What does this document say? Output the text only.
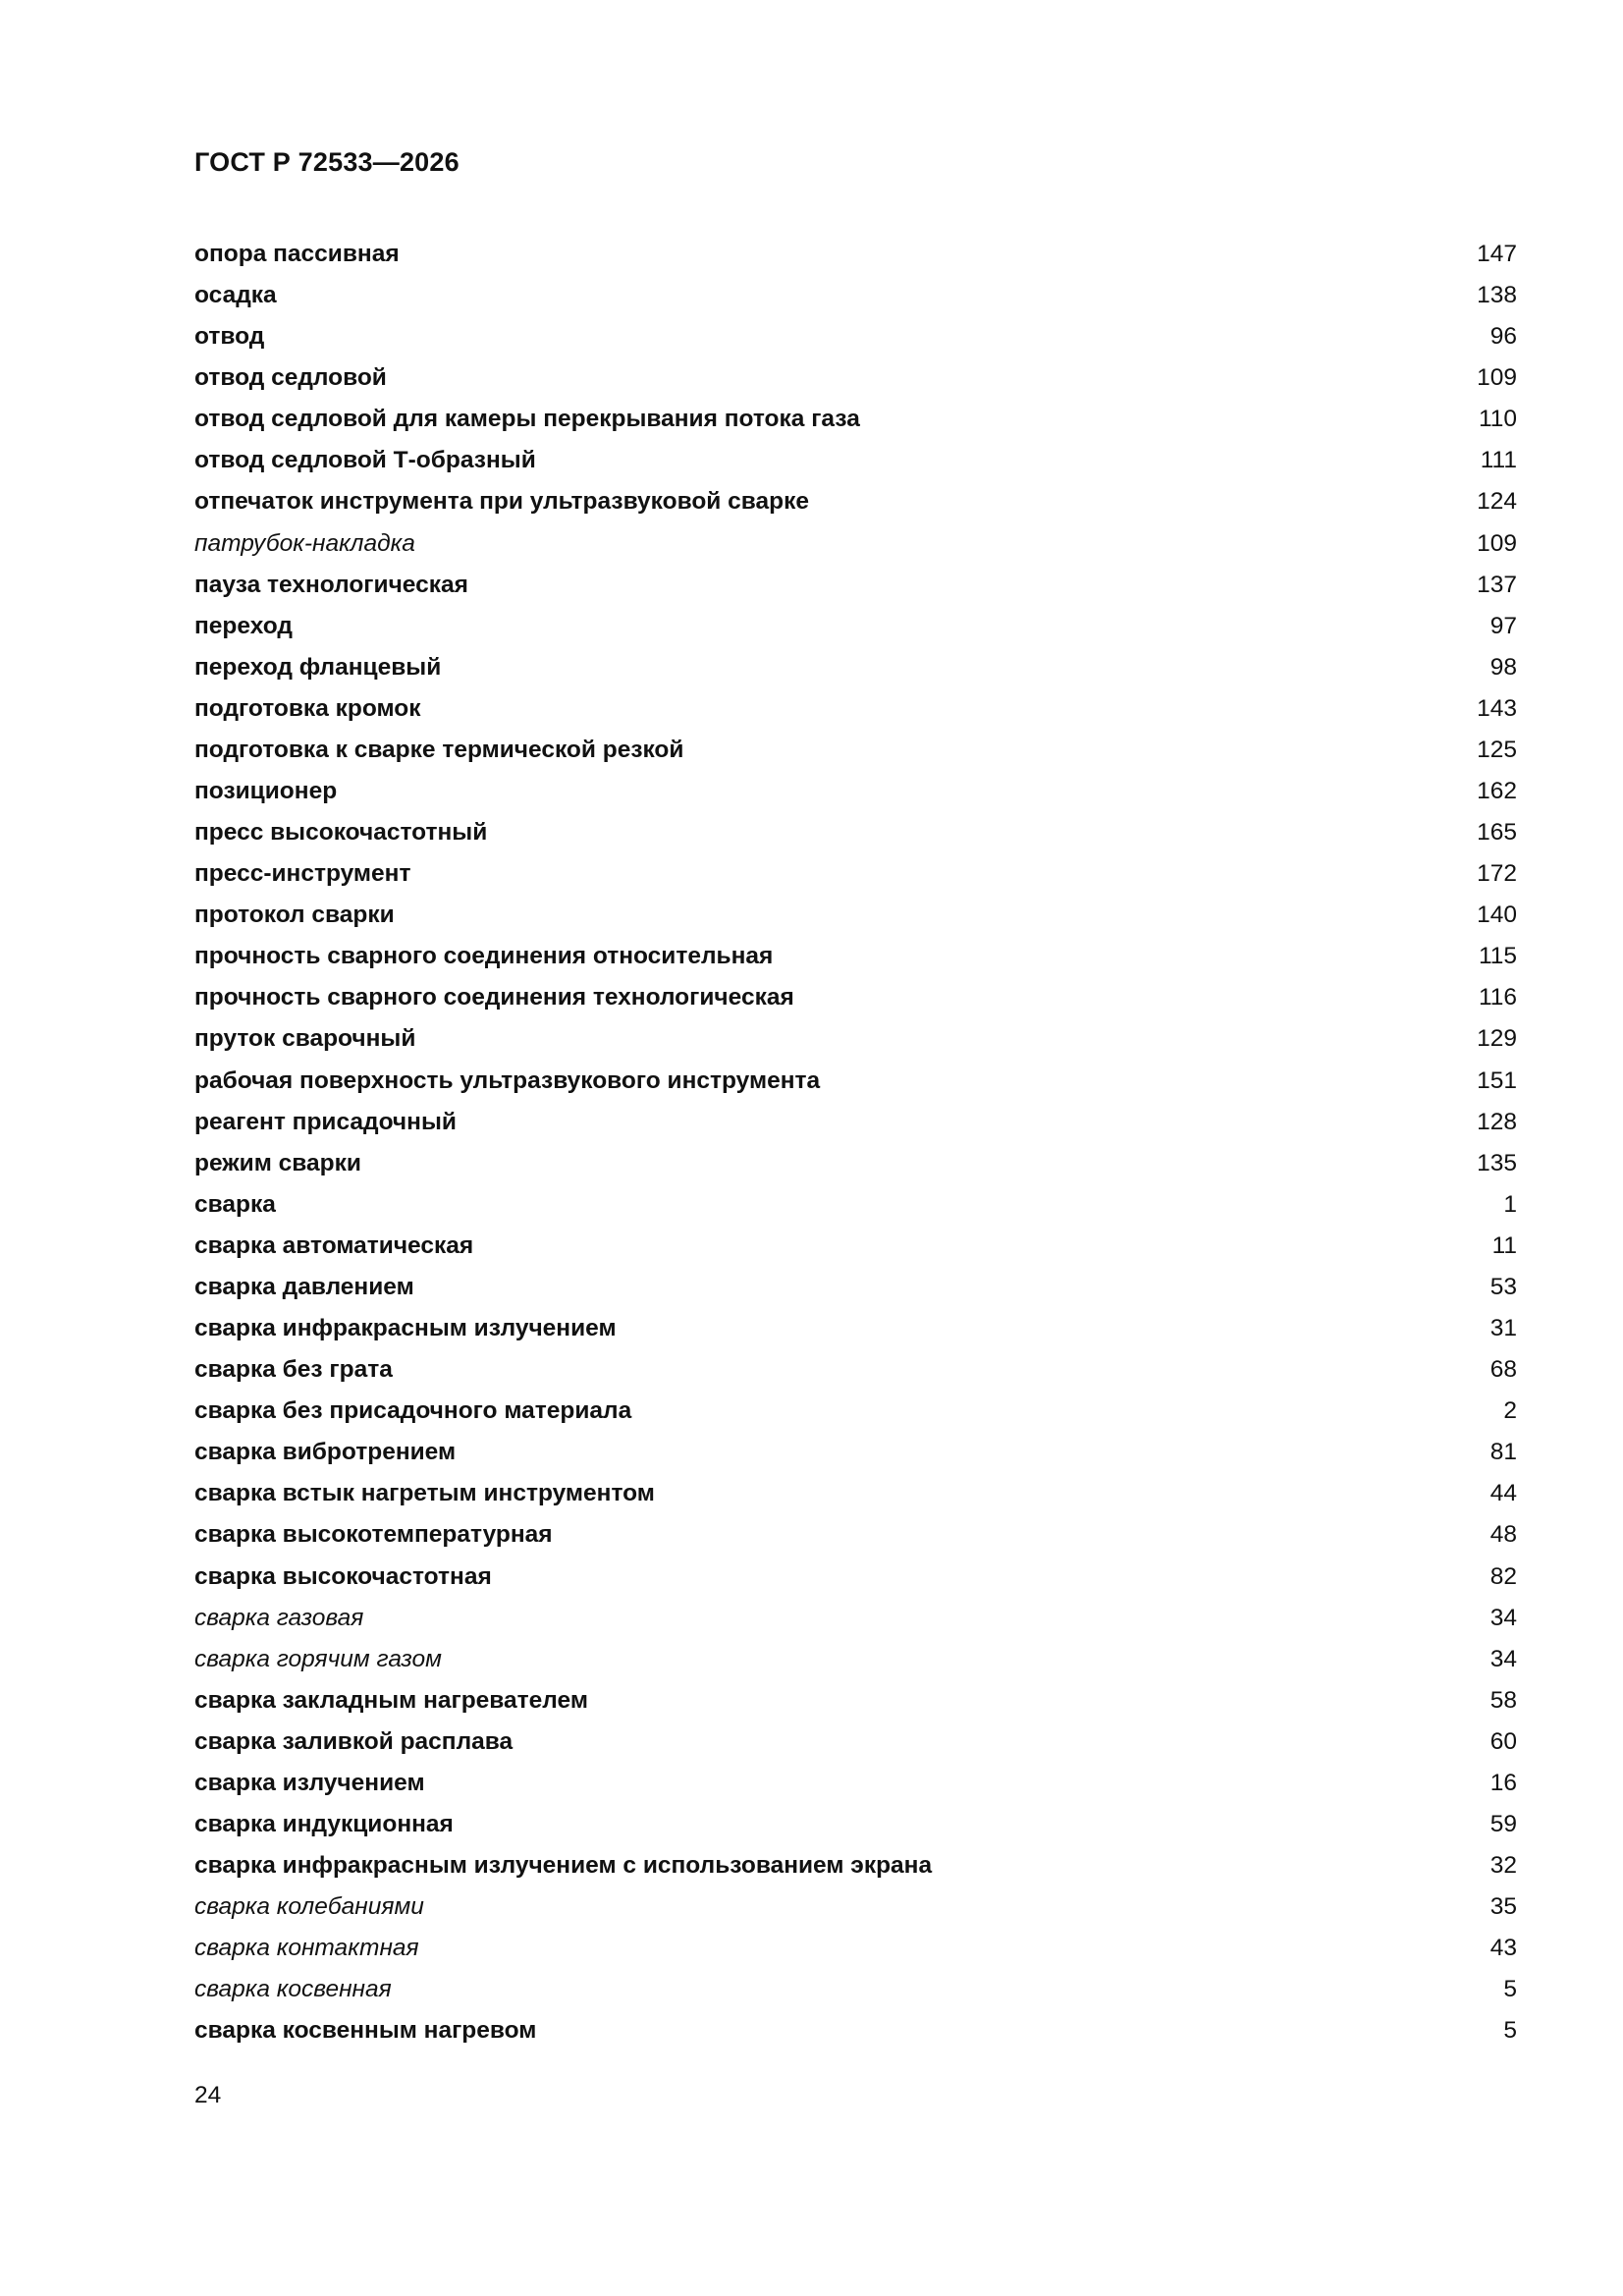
ГОСТ Р 72533—2026
опора пассивная	147
осадка	138
отвод	96
отвод седловой	109
отвод седловой для камеры перекрывания потока газа	110
отвод седловой Т-образный	111
отпечаток инструмента при ультразвуковой сварке	124
патрубок-накладка	109
пауза технологическая	137
переход	97
переход фланцевый	98
подготовка кромок	143
подготовка к сварке термической резкой	125
позиционер	162
пресс высокочастотный	165
пресс-инструмент	172
протокол сварки	140
прочность сварного соединения относительная	115
прочность сварного соединения технологическая	116
пруток сварочный	129
рабочая поверхность ультразвукового инструмента	151
реагент присадочный	128
режим сварки	135
сварка	1
сварка автоматическая	11
сварка давлением	53
сварка инфракрасным излучением	31
сварка без грата	68
сварка без присадочного материала	2
сварка вибротрением	81
сварка встык нагретым инструментом	44
сварка высокотемпературная	48
сварка высокочастотная	82
сварка газовая	34
сварка горячим газом	34
сварка закладным нагревателем	58
сварка заливкой расплава	60
сварка излучением	16
сварка индукционная	59
сварка инфракрасным излучением с использованием экрана	32
сварка колебаниями	35
сварка контактная	43
сварка косвенная	5
сварка косвенным нагревом	5
24
